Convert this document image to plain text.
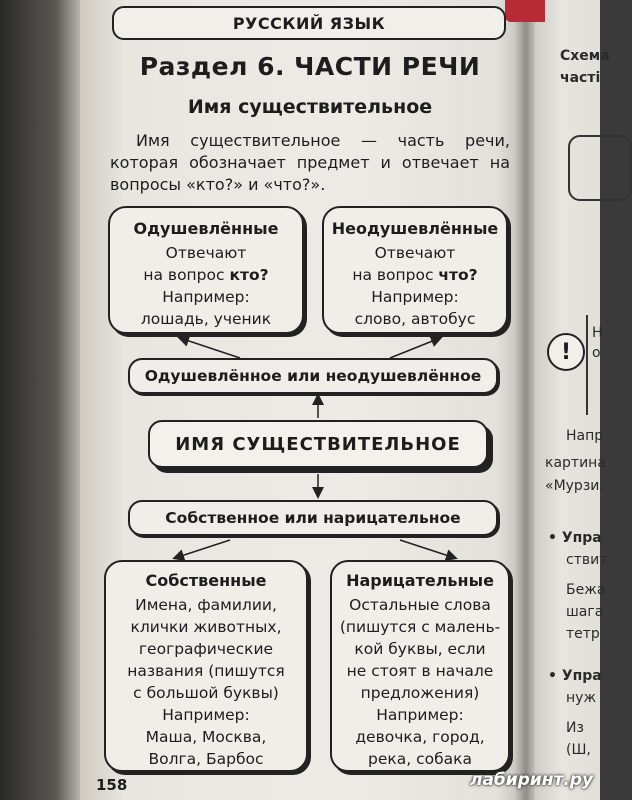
РУССКИЙ ЯЗЫК
Раздел 6. ЧАСТИ РЕЧИ
Имя существительное
Имя существительное — часть речи, которая обозначает предмет и отвечает на вопросы «кто?» и «что?».
Одушевлённые
Отвечают
на вопрос кто?
Например:
лошадь, ученик
Неодушевлённые
Отвечают
на вопрос что?
Например:
слово, автобус
Одушевлённое или неодушевлённое
ИМЯ СУЩЕСТВИТЕЛЬНОЕ
Собственное или нарицательное
Собственные
Имена, фамилии,
клички животных,
географические
названия (пишутся
с большой буквы)
Например:
Маша, Москва,
Волга, Барбос
Нарицательные
Остальные слова
(пишутся с малень-
кой буквы, если
не стоят в начале
предложения)
Например:
девочка, город,
река, собака
158	лабиринт.ру
Схема
часті
!
Н
о
Напр
картина
«Мурзи.
• Упра
ствит
Бежа
шага
тетр
• Упра
нуж
Из
(Ш,
